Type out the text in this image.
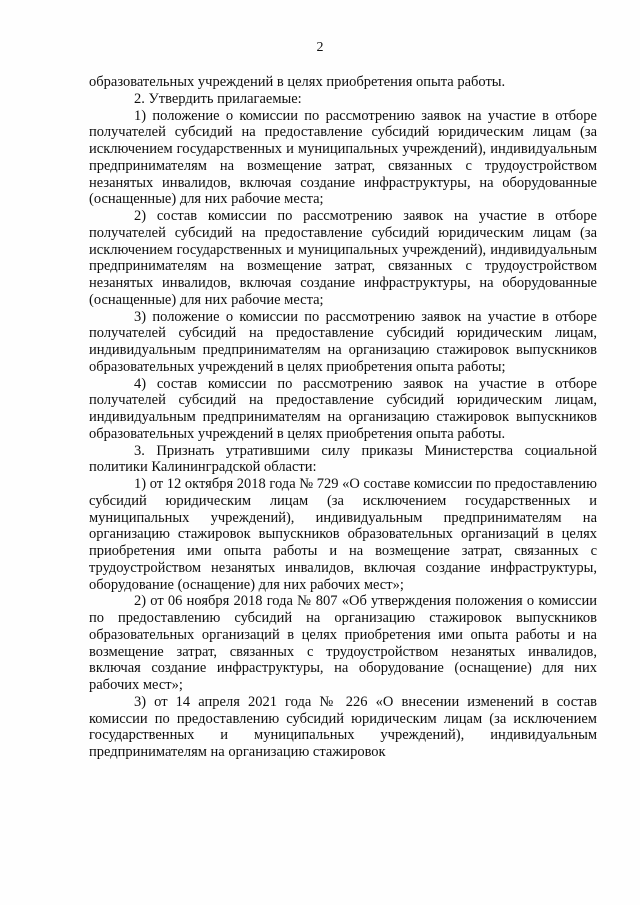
2

образовательных учреждений в целях приобретения опыта работы.

2. Утвердить прилагаемые:

1) положение о комиссии по рассмотрению заявок на участие в отборе получателей субсидий на предоставление субсидий юридическим лицам (за исключением государственных и муниципальных учреждений), индивидуальным предпринимателям на возмещение затрат, связанных с трудоустройством незанятых инвалидов, включая создание инфраструктуры, на оборудованные (оснащенные) для них рабочие места;

2) состав комиссии по рассмотрению заявок на участие в отборе получателей субсидий на предоставление субсидий юридическим лицам (за исключением государственных и муниципальных учреждений), индивидуальным предпринимателям на возмещение затрат, связанных с трудоустройством незанятых инвалидов, включая создание инфраструктуры, на оборудованные (оснащенные) для них рабочие места;

3) положение о комиссии по рассмотрению заявок на участие в отборе получателей субсидий на предоставление субсидий юридическим лицам, индивидуальным предпринимателям на организацию стажировок выпускников образовательных учреждений в целях приобретения опыта работы;

4) состав комиссии по рассмотрению заявок на участие в отборе получателей субсидий на предоставление субсидий юридическим лицам, индивидуальным предпринимателям на организацию стажировок выпускников образовательных учреждений в целях приобретения опыта работы.

3. Признать утратившими силу приказы Министерства социальной политики Калининградской области:

1) от 12 октября 2018 года № 729 «О составе комиссии по предоставлению субсидий юридическим лицам (за исключением государственных и муниципальных учреждений), индивидуальным предпринимателям на организацию стажировок выпускников образовательных организаций в целях приобретения ими опыта работы и на возмещение затрат, связанных с трудоустройством незанятых инвалидов, включая создание инфраструктуры, оборудование (оснащение) для них рабочих мест»;

2) от 06 ноября 2018 года № 807 «Об утверждения положения о комиссии по предоставлению субсидий на организацию стажировок выпускников образовательных организаций в целях приобретения ими опыта работы и на возмещение затрат, связанных с трудоустройством незанятых инвалидов, включая создание инфраструктуры, на оборудование (оснащение) для них рабочих мест»;

3) от 14 апреля 2021 года № 226 «О внесении изменений в состав комиссии по предоставлению субсидий юридическим лицам (за исключением государственных и муниципальных учреждений), индивидуальным предпринимателям на организацию стажировок
